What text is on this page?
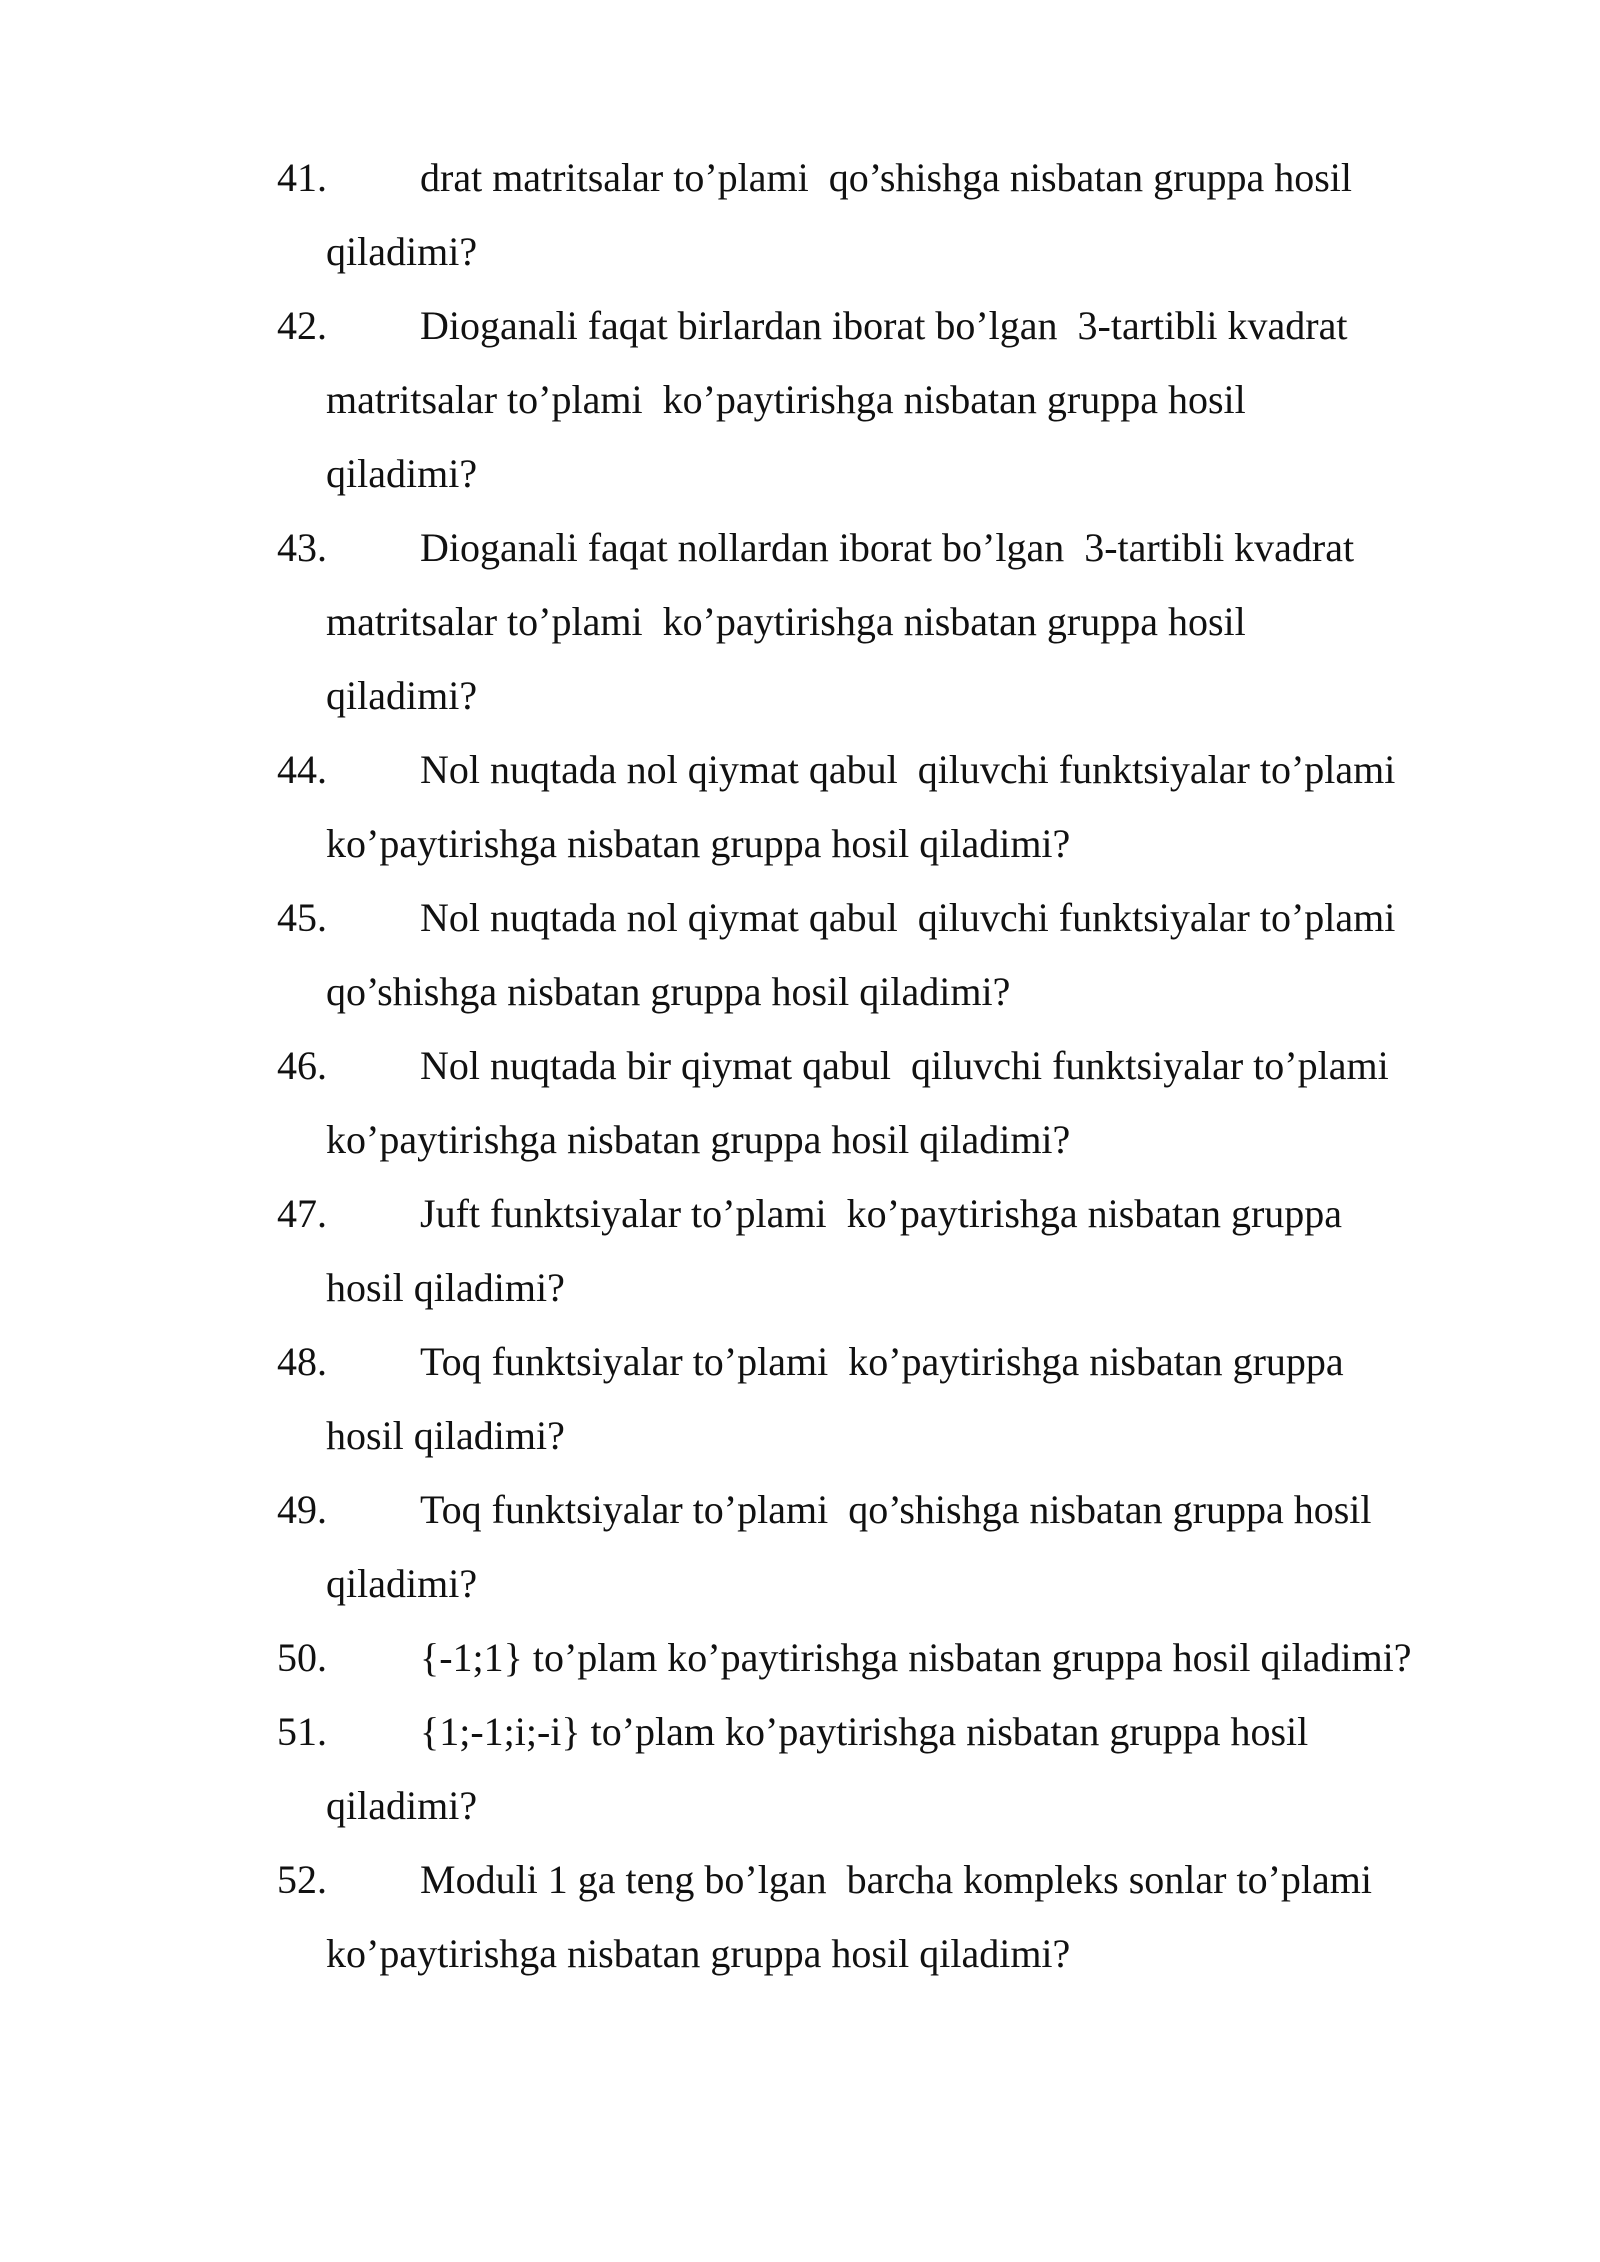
41. drat matritsalar to’plami  qo’shishga nisbatan gruppa hosil
qiladimi?
42. Dioganali faqat birlardan iborat bo’lgan  3-tartibli kvadrat
matritsalar to’plami  ko’paytirishga nisbatan gruppa hosil
qiladimi?
43. Dioganali faqat nollardan iborat bo’lgan  3-tartibli kvadrat
matritsalar to’plami  ko’paytirishga nisbatan gruppa hosil
qiladimi?
44. Nol nuqtada nol qiymat qabul  qiluvchi funktsiyalar to’plami
ko’paytirishga nisbatan gruppa hosil qiladimi?
45. Nol nuqtada nol qiymat qabul  qiluvchi funktsiyalar to’plami
qo’shishga nisbatan gruppa hosil qiladimi?
46. Nol nuqtada bir qiymat qabul  qiluvchi funktsiyalar to’plami
ko’paytirishga nisbatan gruppa hosil qiladimi?
47. Juft funktsiyalar to’plami  ko’paytirishga nisbatan gruppa
hosil qiladimi?
48. Toq funktsiyalar to’plami  ko’paytirishga nisbatan gruppa
hosil qiladimi?
49. Toq funktsiyalar to’plami  qo’shishga nisbatan gruppa hosil
qiladimi?
50. {-1;1} to’plam ko’paytirishga nisbatan gruppa hosil qiladimi?
51. {1;-1;i;-i} to’plam ko’paytirishga nisbatan gruppa hosil
qiladimi?
52. Moduli 1 ga teng bo’lgan  barcha kompleks sonlar to’plami
ko’paytirishga nisbatan gruppa hosil qiladimi?
